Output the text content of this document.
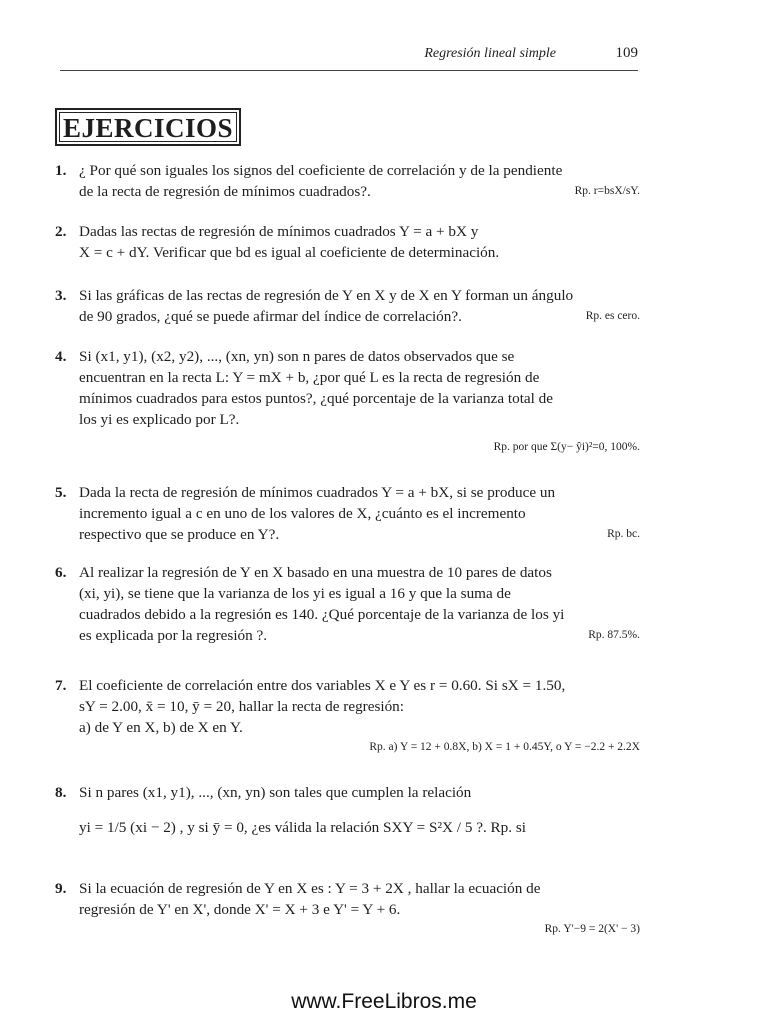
Regresión lineal simple	109
EJERCICIOS
1. ¿ Por qué son iguales los signos del coeficiente de correlación y de la pendiente
de la recta de regresión de mínimos cuadrados?.	Rp. r=bsX/sY.
2. Dadas las rectas de regresión de mínimos cuadrados Y = a + bX y
X = c + dY. Verificar que bd es igual al coeficiente de determinación.
3. Si las gráficas de las rectas de regresión de Y en X y de X en Y forman un ángulo
de 90 grados, ¿qué se puede afirmar del índice de correlación?.	Rp. es cero.
4. Si (x1, y1), (x2, y2), ..., (xn, yn) son n pares de datos observados que se
encuentran en la recta L: Y = mX + b, ¿por qué L es la recta de regresión de
mínimos cuadrados para estos puntos?, ¿qué porcentaje de la varianza total de
los yi es explicado por L?.
Rp. por que Σ(y− ŷi)²=0, 100%.
5. Dada la recta de regresión de mínimos cuadrados Y = a + bX, si se produce un
incremento igual a c en uno de los valores de X, ¿cuánto es el incremento
respectivo que se produce en Y?.	Rp. bc.
6. Al realizar la regresión de Y en X basado en una muestra de 10 pares de datos
(xi, yi), se tiene que la varianza de los yi es igual a 16 y que la suma de
cuadrados debido a la regresión es 140. ¿Qué porcentaje de la varianza de los yi
es explicada por la regresión ?.	Rp. 87.5%.
7. El coeficiente de correlación entre dos variables X e Y es r = 0.60. Si sX = 1.50,
sY = 2.00, x̄ = 10, ȳ = 20, hallar la recta de regresión:
a) de Y en X, b) de X en Y.
Rp. a) Y = 12 + 0.8X, b) X = 1 + 0.45Y, o Y = −2.2 + 2.2X
8. Si n pares (x1, y1), ..., (xn, yn) son tales que cumplen la relación
yi = 1/5 (xi − 2) , y si ȳ = 0, ¿es válida la relación SXY = S²X / 5 ?. Rp. si
9. Si la ecuación de regresión de Y en X es : Y = 3 + 2X , hallar la ecuación de
regresión de Y' en X', donde X' = X + 3 e Y' = Y + 6.
Rp. Y'−9 = 2(X' − 3)
www.FreeLibros.me
